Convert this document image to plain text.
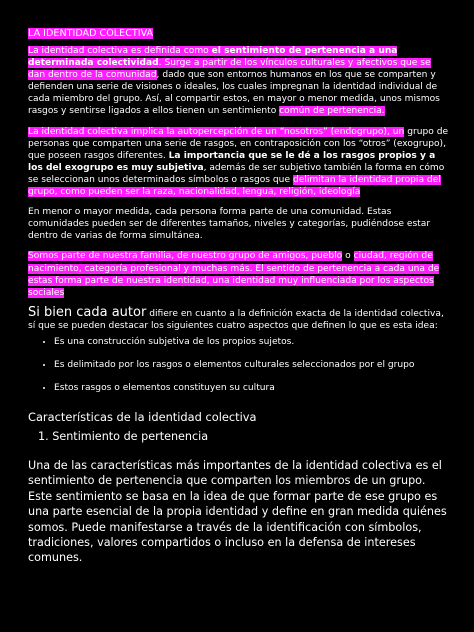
LA IDENTIDAD COLECTIVA
La identidad colectiva es definida como el sentimiento de pertenencia a una determinada colectividad. Surge a partir de los vínculos culturales y afectivos que se dan dentro de la comunidad, dado que son entornos humanos en los que se comparten y defienden una serie de visiones o ideales, los cuales impregnan la identidad individual de cada miembro del grupo. Así, al compartir estos, en mayor o menor medida, unos mismos rasgos y sentirse ligados a ellos tienen un sentimiento común de pertenencia.
La identidad colectiva implica la autopercepción de un “nosotros” (endogrupo), un grupo de personas que comparten una serie de rasgos, en contraposición con los “otros” (exogrupo), que poseen rasgos diferentes. La importancia que se le dé a los rasgos propios y a los del exogrupo es muy subjetiva, además de ser subjetivo también la forma en cómo se seleccionan unos determinados símbolos o rasgos que delimitan la identidad propia del grupo, como pueden ser la raza, nacionalidad, lengua, religión, ideología
En menor o mayor medida, cada persona forma parte de una comunidad. Estas comunidades pueden ser de diferentes tamaños, niveles y categorías, pudiéndose estar dentro de varias de forma simultánea.
Somos parte de nuestra familia, de nuestro grupo de amigos, pueblo o ciudad, región de nacimiento, categoría profesional y muchas más. El sentido de pertenencia a cada una de estas forma parte de nuestra identidad, una identidad muy influenciada por los aspectos sociales
Si bien cada autor difiere en cuanto a la definición exacta de la identidad colectiva, sí que se pueden destacar los siguientes cuatro aspectos que definen lo que es esta idea:
• Es una construcción subjetiva de los propios sujetos.
• Es delimitado por los rasgos o elementos culturales seleccionados por el grupo
• Estos rasgos o elementos constituyen su cultura
Características de la identidad colectiva
1. Sentimiento de pertenencia
Una de las características más importantes de la identidad colectiva es el sentimiento de pertenencia que comparten los miembros de un grupo. Este sentimiento se basa en la idea de que formar parte de ese grupo es una parte esencial de la propia identidad y define en gran medida quiénes somos. Puede manifestarse a través de la identificación con símbolos, tradiciones, valores compartidos o incluso en la defensa de intereses comunes.
